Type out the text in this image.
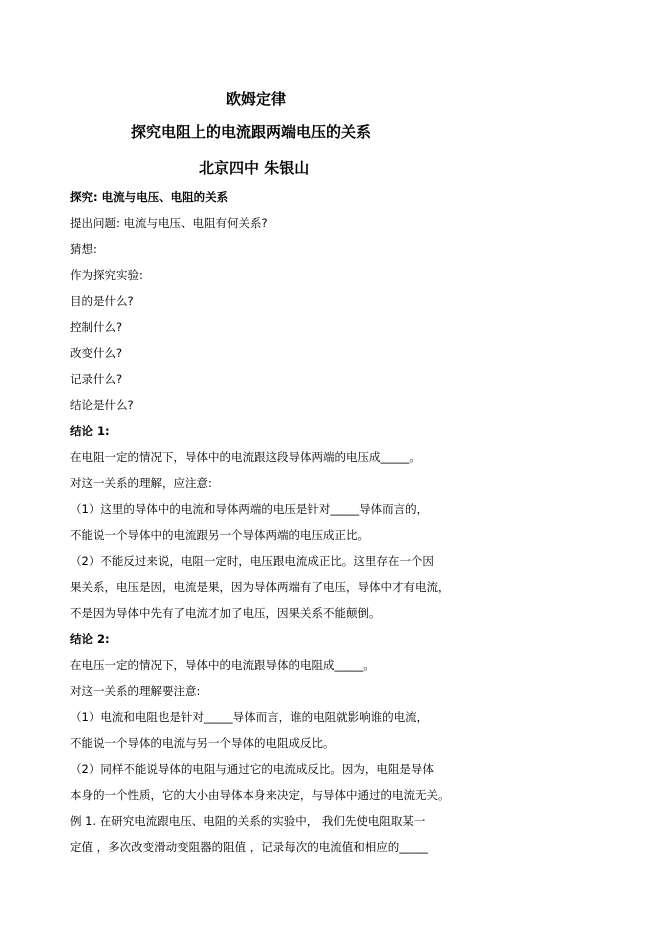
欧姆定律
探究电阻上的电流跟两端电压的关系
北京四中 朱银山
探究: 电流与电压、电阻的关系
提出问题: 电流与电压、电阻有何关系?
猜想:
作为探究实验:
目的是什么?
控制什么?
改变什么?
记录什么?
结论是什么?
结论 1:
在电阻一定的情况下，导体中的电流跟这段导体两端的电压成_____。
对这一关系的理解，应注意:
（1）这里的导体中的电流和导体两端的电压是针对_____导体而言的，
不能说一个导体中的电流跟另一个导体两端的电压成正比。
（2）不能反过来说，电阻一定时，电压跟电流成正比。这里存在一个因
果关系，电压是因，电流是果，因为导体两端有了电压，导体中才有电流，
不是因为导体中先有了电流才加了电压，因果关系不能颠倒。
结论 2:
在电压一定的情况下，导体中的电流跟导体的电阻成_____。
对这一关系的理解要注意:
（1）电流和电阻也是针对_____导体而言，谁的电阻就影响谁的电流，
不能说一个导体的电流与另一个导体的电阻成反比。
（2）同样不能说导体的电阻与通过它的电流成反比。因为，电阻是导体
本身的一个性质，它的大小由导体本身来决定，与导体中通过的电流无关。
例 1. 在研究电流跟电压、电阻的关系的实验中， 我们先使电阻取某一
定值 ，多次改变滑动变阻器的阻值 ，记录每次的电流值和相应的_____
